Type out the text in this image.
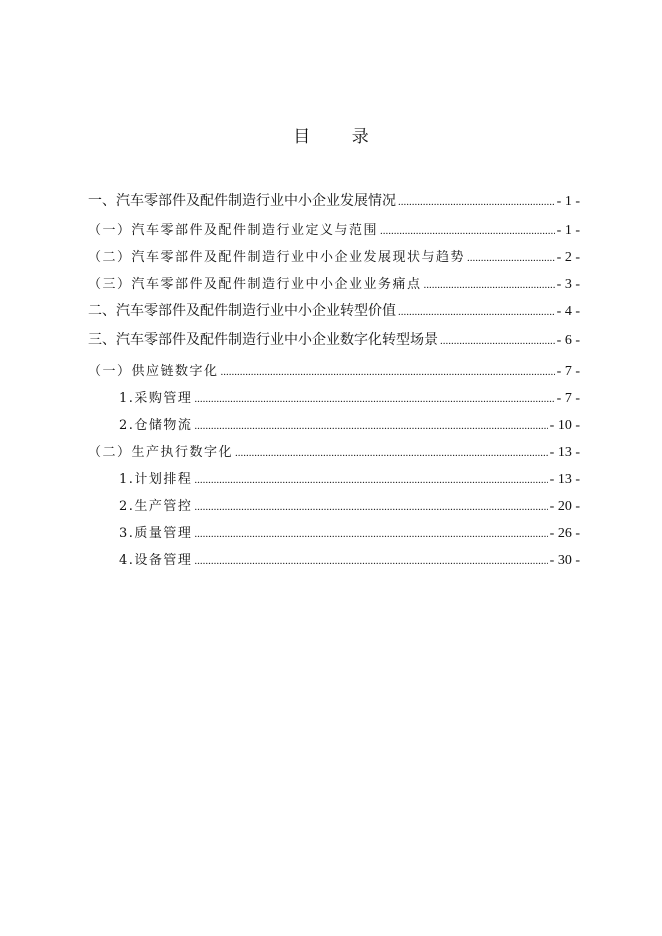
目 录
一、汽车零部件及配件制造行业中小企业发展情况 .....	- 1 -
（一）汽车零部件及配件制造行业定义与范围 .....	- 1 -
（二）汽车零部件及配件制造行业中小企业发展现状与趋势 .....	- 2 -
（三）汽车零部件及配件制造行业中小企业业务痛点 .....	- 3 -
二、汽车零部件及配件制造行业中小企业转型价值 .....	- 4 -
三、汽车零部件及配件制造行业中小企业数字化转型场景 .....	- 6 -
（一）供应链数字化 .....	- 7 -
1.采购管理 .....	- 7 -
2.仓储物流 .....	- 10 -
（二）生产执行数字化 .....	- 13 -
1.计划排程 .....	- 13 -
2.生产管控 .....	- 20 -
3.质量管理 .....	- 26 -
4.设备管理 .....	- 30 -
